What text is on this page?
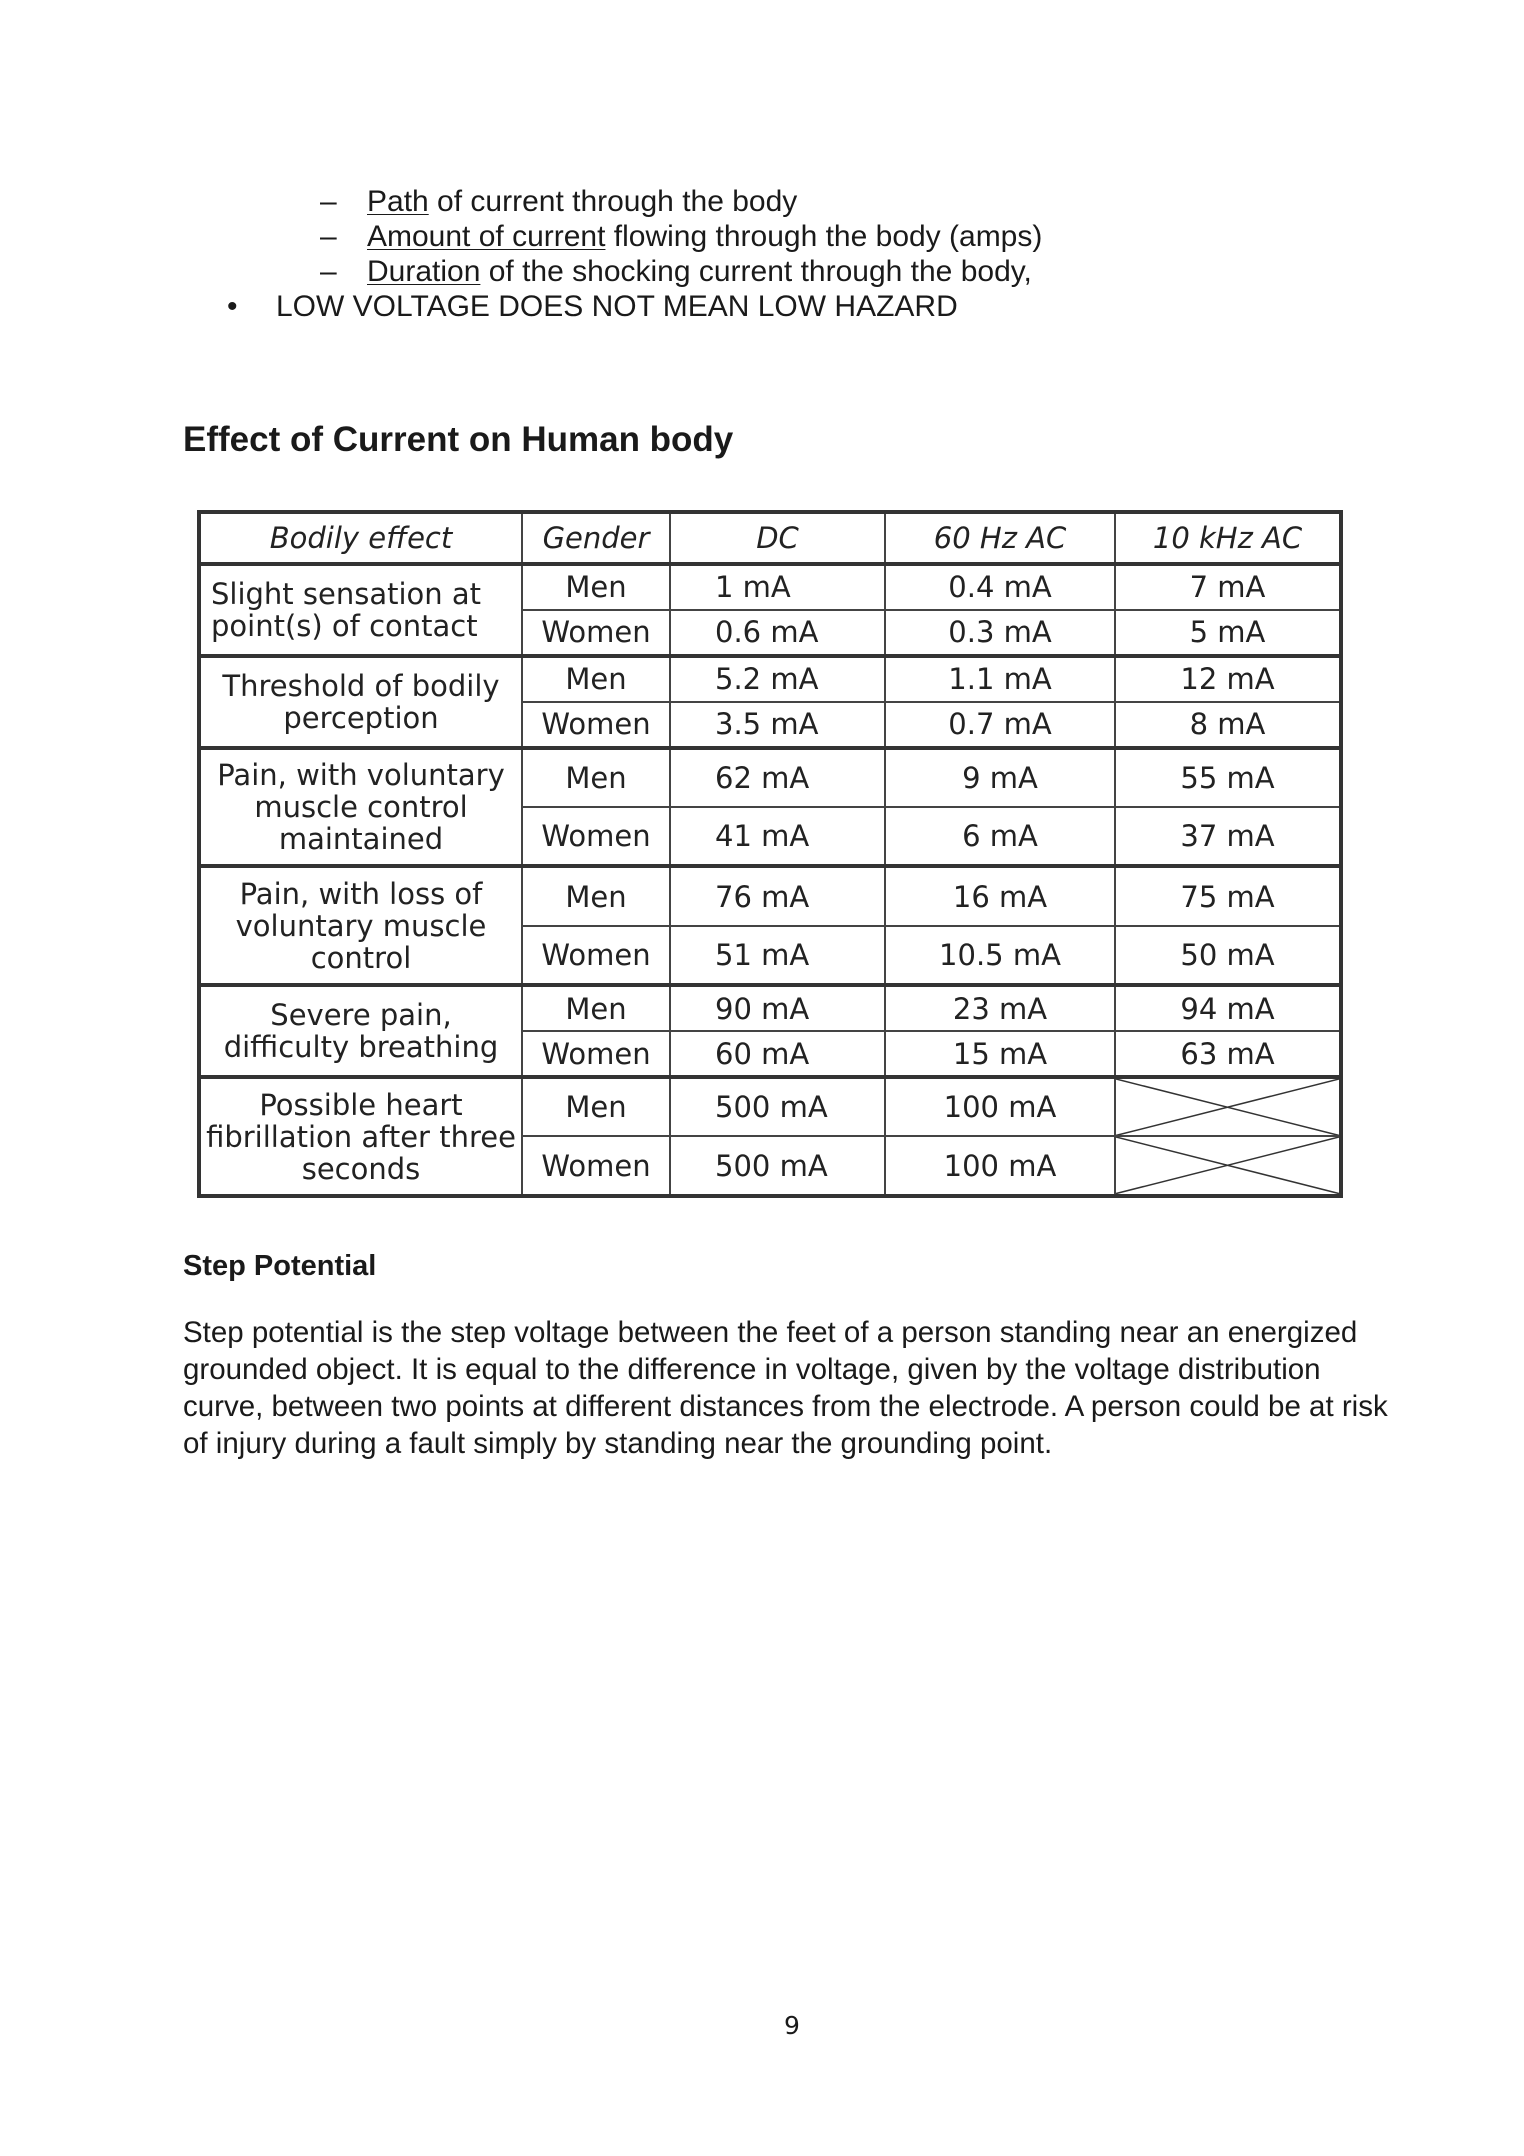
– Path of current through the body
– Amount of current flowing through the body (amps)
– Duration of the shocking current through the body,
• LOW VOLTAGE DOES NOT MEAN LOW HAZARD
Effect of Current on Human body
Bodily effect	Gender	DC	60 Hz AC	10 kHz AC
Slight sensation at point(s) of contact	Men	1 mA	0.4 mA	7 mA
	Women	0.6 mA	0.3 mA	5 mA
Threshold of bodily perception	Men	5.2 mA	1.1 mA	12 mA
	Women	3.5 mA	0.7 mA	8 mA
Pain, with voluntary muscle control maintained	Men	62 mA	9 mA	55 mA
	Women	41 mA	6 mA	37 mA
Pain, with loss of voluntary muscle control	Men	76 mA	16 mA	75 mA
	Women	51 mA	10.5 mA	50 mA
Severe pain, difficulty breathing	Men	90 mA	23 mA	94 mA
	Women	60 mA	15 mA	63 mA
Possible heart fibrillation after three seconds	Men	500 mA	100 mA	

	Women	500 mA	100 mA	
Step Potential

Step potential is the step voltage between the feet of a person standing near an energized grounded object. It is equal to the difference in voltage, given by the voltage distribution curve, between two points at different distances from the electrode. A person could be at risk of injury during a fault simply by standing near the grounding point.

9
